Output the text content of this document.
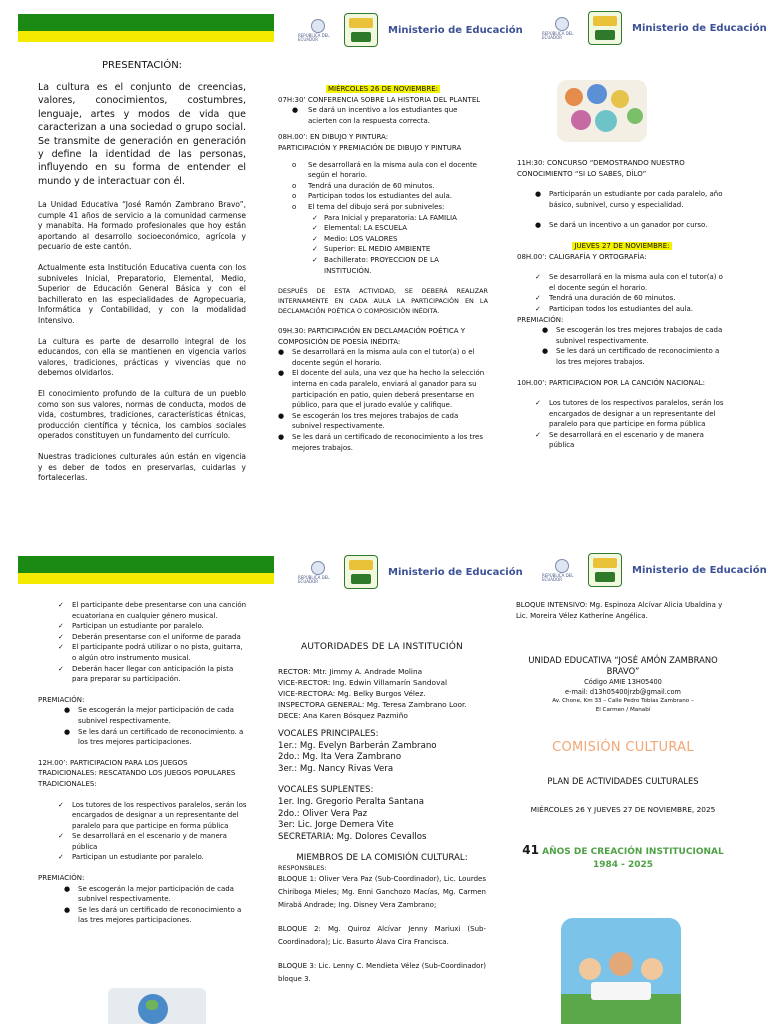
REPÚBLICA DEL ECUADOR
Ministerio de Educación	REPÚBLICA DEL ECUADOR
Ministerio de Educación

PRESENTACIÓN:

La cultura es el conjunto de creencias, valores, conocimientos, costumbres, lenguaje, artes y modos de vida que caracterizan a una sociedad o grupo social. Se transmite de generación en generación y define la identidad de las personas, influyendo en su forma de entender el mundo y de interactuar con él.

La Unidad Educativa “José Ramón Zambrano Bravo”, cumple 41 años de servicio a la comunidad carmense y manabita. Ha formado profesionales que hoy están aportando al desarrollo socioeconómico, agrícola y pecuario de este cantón.

Actualmente esta Institución Educativa cuenta con los subniveles Inicial, Preparatorio, Elemental, Medio, Superior de Educación General Básica y con el bachillerato en las especialidades de Agropecuaria, Informática y Contabilidad, y con la modalidad Intensivo.

La cultura es parte de desarrollo integral de los educandos, con ella se mantienen en vigencia varios valores, tradiciones, prácticas y vivencias que no debemos olvidarlos.

El conocimiento profundo de la cultura de un pueblo como son sus valores, normas de conducta, modos de vida, costumbres, tradiciones, características étnicas, producción científica y técnica, los cambios sociales operados constituyen un fundamento del currículo.

Nuestras tradiciones culturales aún están en vigencia y es deber de todos en preservarlas, cuidarlas y fortalecerlas.

MIÉRCOLES 26 DE NOVIEMBRE:

07H:30’ CONFERENCIA SOBRE LA HISTORIA DEL PLANTEL

● Se dará un incentivo a los estudiantes que acierten con la respuesta correcta.

08H.00’: EN DIBUJO Y PINTURA:

PARTICIPACIÓN Y PREMIACIÓN DE DIBUJO Y PINTURA

o Se desarrollará en la misma aula con el docente según el horario.
o Tendrá una duración de 60 minutos.
o Participan todos los estudiantes del aula.
o El tema del dibujo será por subniveles:
✓ Para Inicial y preparatoria: LA FAMILIA
✓ Elemental: LA ESCUELA
✓ Medio: LOS VALORES
✓ Superior: EL MEDIO AMBIENTE
✓ Bachillerato: PROYECCION DE LA INSTITUCIÓN.

DESPUÉS DE ESTA ACTIVIDAD, SE DEBERÁ REALIZAR INTERNAMENTE EN CADA AULA LA PARTICIPACIÓN EN LA DECLAMACIÓN POÉTICA O COMPOSICIÓN INÉDITA.

09H.30: PARTICIPACIÓN EN DECLAMACIÓN POÉTICA Y COMPOSICIÓN DE POESÍA INÉDITA:

● Se desarrollará en la misma aula con el tutor(a) o el docente según el horario.
● El docente del aula, una vez que ha hecho la selección interna en cada paralelo, enviará al ganador para su participación en patio, quien deberá presentarse en público, para que el jurado evalúe y califique.
● Se escogerán los tres mejores trabajos de cada subnivel respectivamente.
● Se les dará un certificado de reconocimiento a los tres mejores trabajos.

11H:30: CONCURSO “DEMOSTRANDO NUESTRO CONOCIMIENTO “SI LO SABES, DÍLO”

● Participarán un estudiante por cada paralelo, año básico, subnivel, curso y especialidad.
● Se dará un incentivo a un ganador por curso.

JUEVES 27 DE NOVIEMBRE:

08H.00’: CALIGRAFÍA Y ORTOGRAFÍA:

✓ Se desarrollará en la misma aula con el tutor(a) o el docente según el horario.
✓ Tendrá una duración de 60 minutos.
✓ Participan todos los estudiantes del aula.

PREMIACIÓN:

● Se escogerán los tres mejores trabajos de cada subnivel respectivamente.
● Se les dará un certificado de reconocimiento a los tres mejores trabajos.

10H.00’: PARTICIPACION POR LA CANCIÓN NACIONAL:

✓ Los tutores de los respectivos paralelos, serán los encargados de designar a un representante del paralelo para que participe en forma pública
✓ Se desarrollará en el escenario y de manera pública
REPÚBLICA DEL ECUADOR
Ministerio de Educación	REPÚBLICA DEL ECUADOR
Ministerio de Educación
✓ El participante debe presentarse con una canción ecuatoriana en cualquier género musical.
✓ Participan un estudiante por paralelo.
✓ Deberán presentarse con el uniforme de parada
✓ El participante podrá utilizar o no pista, guitarra, o algún otro instrumento musical.
✓ Deberán hacer llegar con anticipación la pista para preparar su participación.

PREMIACIÓN:

● Se escogerán la mejor participación de cada subnivel respectivamente.
● Se les dará un certificado de reconocimiento. a los tres mejores participaciones.

12H.00’: PARTICIPACION PARA LOS JUEGOS TRADICIONALES: RESCATANDO LOS JUEGOS POPULARES TRADICIONALES:

✓ Los tutores de los respectivos paralelos, serán los encargados de designar a un representante del paralelo para que participe en forma pública
✓ Se desarrollará en el escenario y de manera pública
✓ Participan un estudiante por paralelo.

PREMIACIÓN:

● Se escogerán la mejor participación de cada subnivel respectivamente.
● Se les dará un certificado de reconocimiento a las tres mejores participaciones.

AUTORIDADES DE LA INSTITUCIÓN

RECTOR: Mtr. Jimmy A. Andrade Molina

VICE-RECTOR: Ing. Edwin Villamarín Sandoval

VICE-RECTORA: Mg. Belky Burgos Vélez.

INSPECTORA GENERAL: Mg. Teresa Zambrano Loor.

DECE: Ana Karen Bósquez Pazmiño

VOCALES PRINCIPALES:

1er.: Mg. Evelyn Barberán Zambrano

2do.: Mg. Ita Vera Zambrano

3er.: Mg. Nancy Rivas Vera

VOCALES SUPLENTES:

1er. Ing. Gregorio Peralta Santana

2do.: Oliver Vera Paz

3er: Lic. Jorge Demera Vite

SECRETARIA: Mg. Dolores Cevallos

MIEMBROS DE LA COMISIÓN CULTURAL:

RESPONSBLES:

BLOQUE 1: Oliver Vera Paz (Sub-Coordinador), Lic. Lourdes Chiriboga Mieles; Mg. Enni Ganchozo Macías, Mg. Carmen Mirabá Andrade; Ing. Disney Vera Zambrano;

BLOQUE 2: Mg. Quiroz Alcívar Jenny Mariuxi (Sub-Coordinadora); Lic. Basurto Álava Cira Francisca.

BLOQUE 3: Lic. Lenny C. Mendieta Vélez (Sub-Coordinador) bloque 3.

BLOQUE INTENSIVO: Mg. Espinoza Alcívar Alicia Ubaldina y Lic. Moreira Vélez Katherine Angélica.

UNIDAD EDUCATIVA “JOSÉ AMÓN ZAMBRANO BRAVO”

Código AMIE 13H05400

e-mail: d13h05400jrzb@gmail.com

Av. Chone, Km 33 – Calle Pedro Tobías Zambrano –

El Carmen / Manabí

COMISIÓN CULTURAL

PLAN DE ACTIVIDADES CULTURALES

MIÉRCOLES 26 Y JUEVES 27 DE NOVIEMBRE, 2025

41 AÑOS DE CREACIÓN INSTITUCIONAL

1984 - 2025
